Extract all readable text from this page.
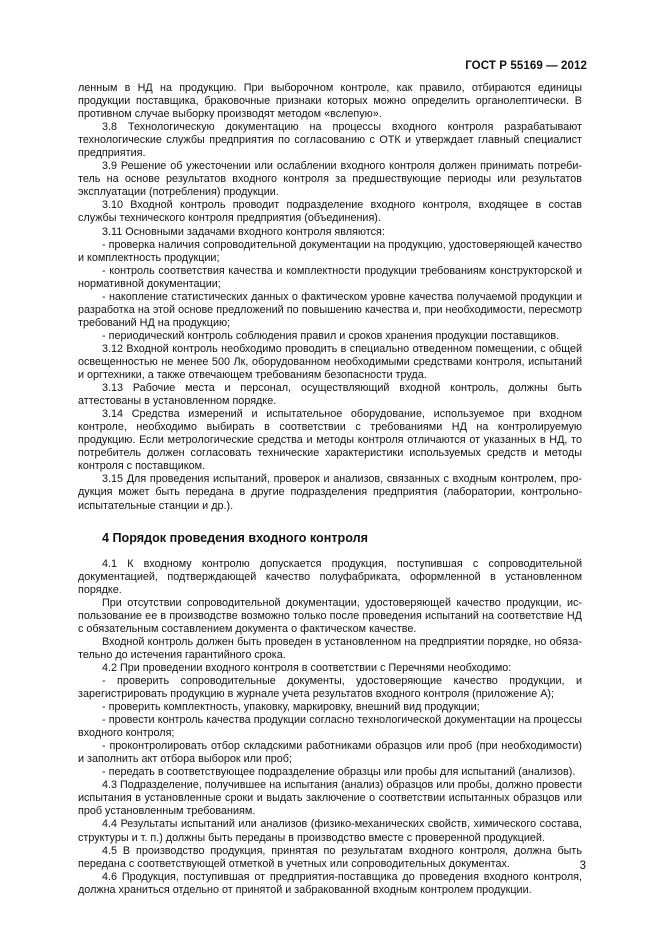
ГОСТ Р 55169 — 2012

ленным в НД на продукцию. При выборочном контроле, как правило, отбираются единицы продукции поставщика, браковочные признаки которых можно определить органолептически. В противном случае выборку производят методом «вслепую».

3.8 Технологическую документацию на процессы входного контроля разрабатывают технологические службы предприятия по согласованию с ОТК и утверждает главный специалист предприятия.

3.9 Решение об ужесточении или ослаблении входного контроля должен принимать потребитель на основе результатов входного контроля за предшествующие периоды или результатов эксплуатации (потребления) продукции.

3.10 Входной контроль проводит подразделение входного контроля, входящее в состав службы технического контроля предприятия (объединения).

3.11 Основными задачами входного контроля являются:

- проверка наличия сопроводительной документации на продукцию, удостоверяющей качество и комплектность продукции;

- контроль соответствия качества и комплектности продукции требованиям конструкторской и нормативной документации;

- накопление статистических данных о фактическом уровне качества получаемой продукции и разработка на этой основе предложений по повышению качества и, при необходимости, пересмотр требований НД на продукцию;

- периодический контроль соблюдения правил и сроков хранения продукции поставщиков.

3.12 Входной контроль необходимо проводить в специально отведенном помещении, с общей освещенностью не менее 500 Лк, оборудованном необходимыми средствами контроля, испытаний и оргтехники, а также отвечающем требованиям безопасности труда.

3.13 Рабочие места и персонал, осуществляющий входной контроль, должны быть аттестованы в установленном порядке.

3.14 Средства измерений и испытательное оборудование, используемое при входном контроле, необходимо выбирать в соответствии с требованиями НД на контролируемую продукцию. Если метрологические средства и методы контроля отличаются от указанных в НД, то потребитель должен согласовать технические характеристики используемых средств и методы контроля с поставщиком.

3.15 Для проведения испытаний, проверок и анализов, связанных с входным контролем, продукция может быть передана в другие подразделения предприятия (лаборатории, контрольно-испытательные станции и др.).

4 Порядок проведения входного контроля

4.1 К входному контролю допускается продукция, поступившая с сопроводительной документацией, подтверждающей качество полуфабриката, оформленной в установленном порядке.

При отсутствии сопроводительной документации, удостоверяющей качество продукции, использование ее в производстве возможно только после проведения испытаний на соответствие НД с обязательным составлением документа о фактическом качестве.

Входной контроль должен быть проведен в установленном на предприятии порядке, но обязательно до истечения гарантийного срока.

4.2 При проведении входного контроля в соответствии с Перечнями необходимо:

- проверить сопроводительные документы, удостоверяющие качество продукции, и зарегистрировать продукцию в журнале учета результатов входного контроля (приложение А);

- проверить комплектность, упаковку, маркировку, внешний вид продукции;

- провести контроль качества продукции согласно технологической документации на процессы входного контроля;

- проконтролировать отбор складскими работниками образцов или проб (при необходимости) и заполнить акт отбора выборок или проб;

- передать в соответствующее подразделение образцы или пробы для испытаний (анализов).

4.3 Подразделение, получившее на испытания (анализ) образцов или пробы, должно провести испытания в установленные сроки и выдать заключение о соответствии испытанных образцов или проб установленным требованиям.

4.4 Результаты испытаний или анализов (физико-механических свойств, химического состава, структуры и т. п.) должны быть переданы в производство вместе с проверенной продукцией.

4.5 В производство продукция, принятая по результатам входного контроля, должна быть передана с соответствующей отметкой в учетных или сопроводительных документах.

4.6 Продукция, поступившая от предприятия-поставщика до проведения входного контроля, должна храниться отдельно от принятой и забракованной входным контролем продукции.

3
